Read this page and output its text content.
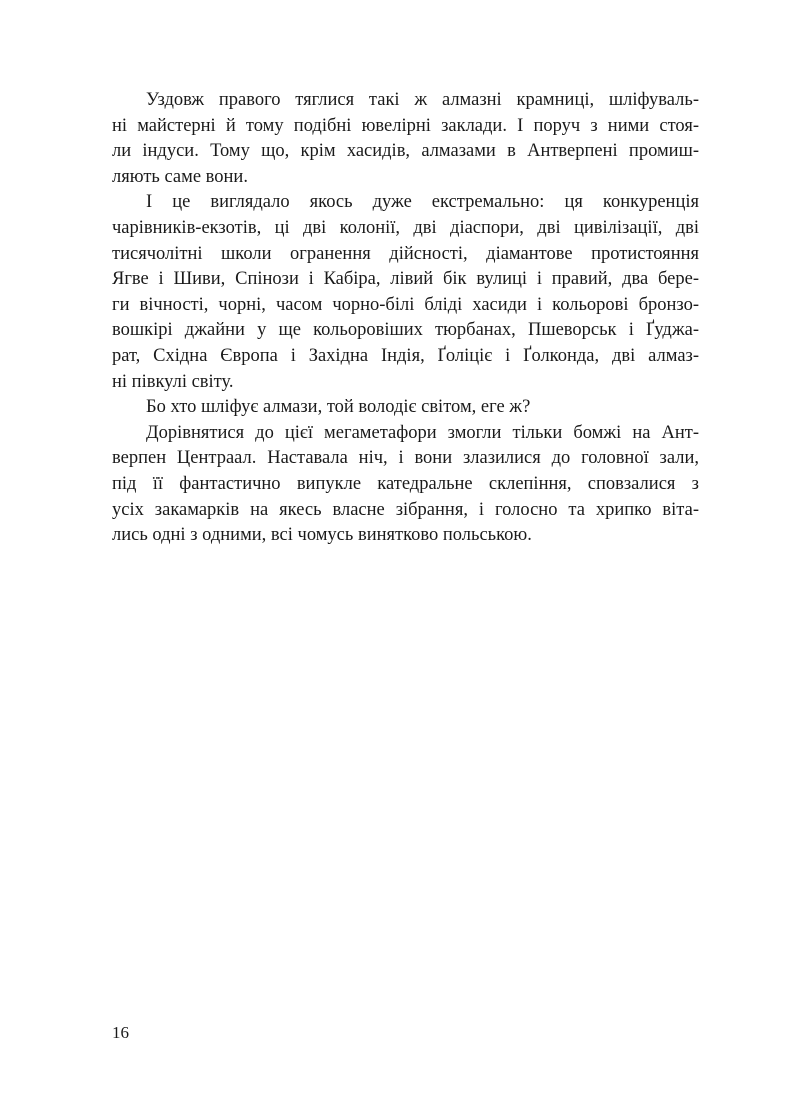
Уздовж правого тяглися такі ж алмазні крамниці, шліфуваль-
ні майстерні й тому подібні ювелірні заклади. І поруч з ними стоя-
ли індуси. Тому що, крім хасидів, алмазами в Антверпені промиш-
ляють саме вони.
І це виглядало якось дуже екстремально: ця конкуренція
чарівників-екзотів, ці дві колонії, дві діаспори, дві цивілізації, дві
тисячолітні школи огранення дійсності, діамантове протистояння
Ягве і Шиви, Спінози і Кабіра, лівий бік вулиці і правий, два бере-
ги вічності, чорні, часом чорно-білі бліді хасиди і кольорові бронзо-
вошкірі джайни у ще кольоровіших тюрбанах, Пшеворськ і Ґуджа-
рат, Східна Європа і Західна Індія, Ґоліціє і Ґолконда, дві алмаз-
ні півкулі світу.
Бо хто шліфує алмази, той володіє світом, еге ж?
Дорівнятися до цієї мегаметафори змогли тільки бомжі на Ант-
верпен Центраал. Наставала ніч, і вони злазилися до головної зали,
під її фантастично випукле катедральне склепіння, сповзалися з
усіх закамарків на якесь власне зібрання, і голосно та хрипко віта-
лись одні з одними, всі чомусь винятково польською.
16
